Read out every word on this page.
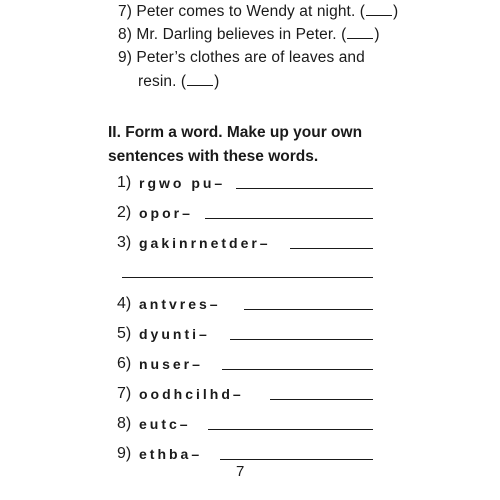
7) Peter comes to Wendy at night. ( )
8) Mr. Darling believes in Peter. ( )
9) Peter’s clothes are of leaves and
resin. ( )
II. Form a word. Make up your own sentences with these words.
1) rgwo pu–
2) opor–
3) gakinrnetder–
4) antvres–
5) dyunti–
6) nuser–
7) oodhcilhd–
8) eutc–
9) ethba–
7
